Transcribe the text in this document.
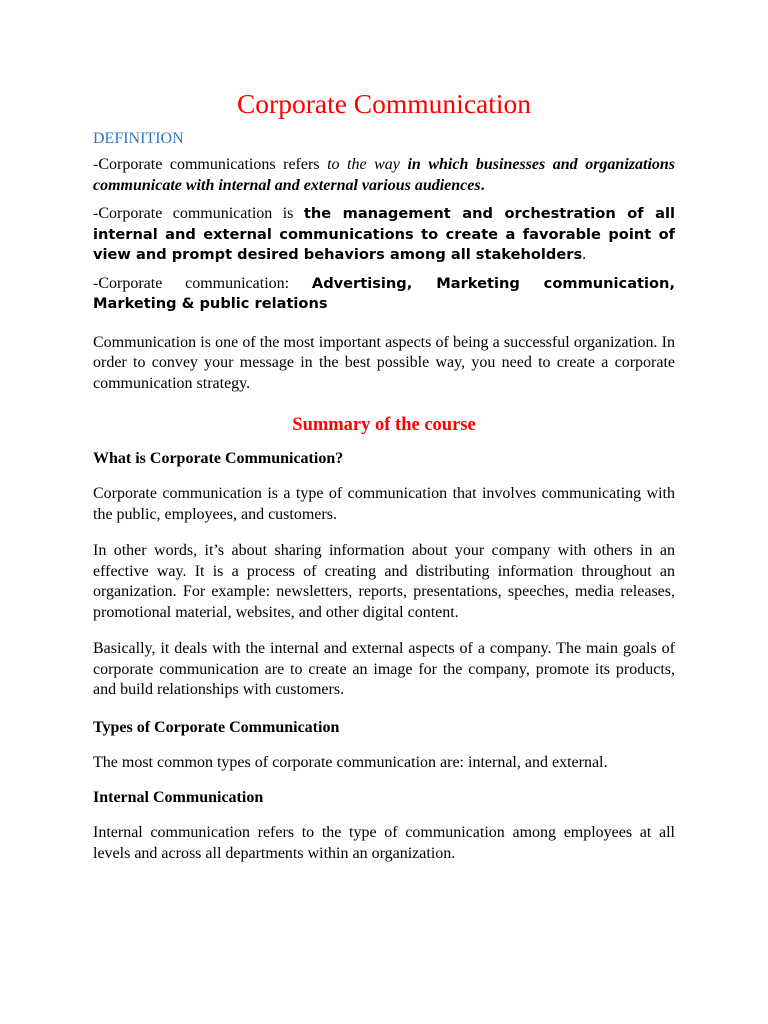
Corporate Communication
DEFINITION

-Corporate communications refers to the way in which businesses and organizations communicate with internal and external various audiences.

-Corporate communication is the management and orchestration of all internal and external communications to create a favorable point of view and prompt desired behaviors among all stakeholders.

-Corporate communication: Advertising, Marketing communication, Marketing & public relations

Communication is one of the most important aspects of being a successful organization. In order to convey your message in the best possible way, you need to create a corporate communication strategy.

Summary of the course
What is Corporate Communication?

Corporate communication is a type of communication that involves communicating with the public, employees, and customers.

In other words, it’s about sharing information about your company with others in an effective way. It is a process of creating and distributing information throughout an organization. For example: newsletters, reports, presentations, speeches, media releases, promotional material, websites, and other digital content.

Basically, it deals with the internal and external aspects of a company. The main goals of corporate communication are to create an image for the company, promote its products, and build relationships with customers.

Types of Corporate Communication

The most common types of corporate communication are: internal, and external.

Internal Communication

Internal communication refers to the type of communication among employees at all levels and across all departments within an organization.
